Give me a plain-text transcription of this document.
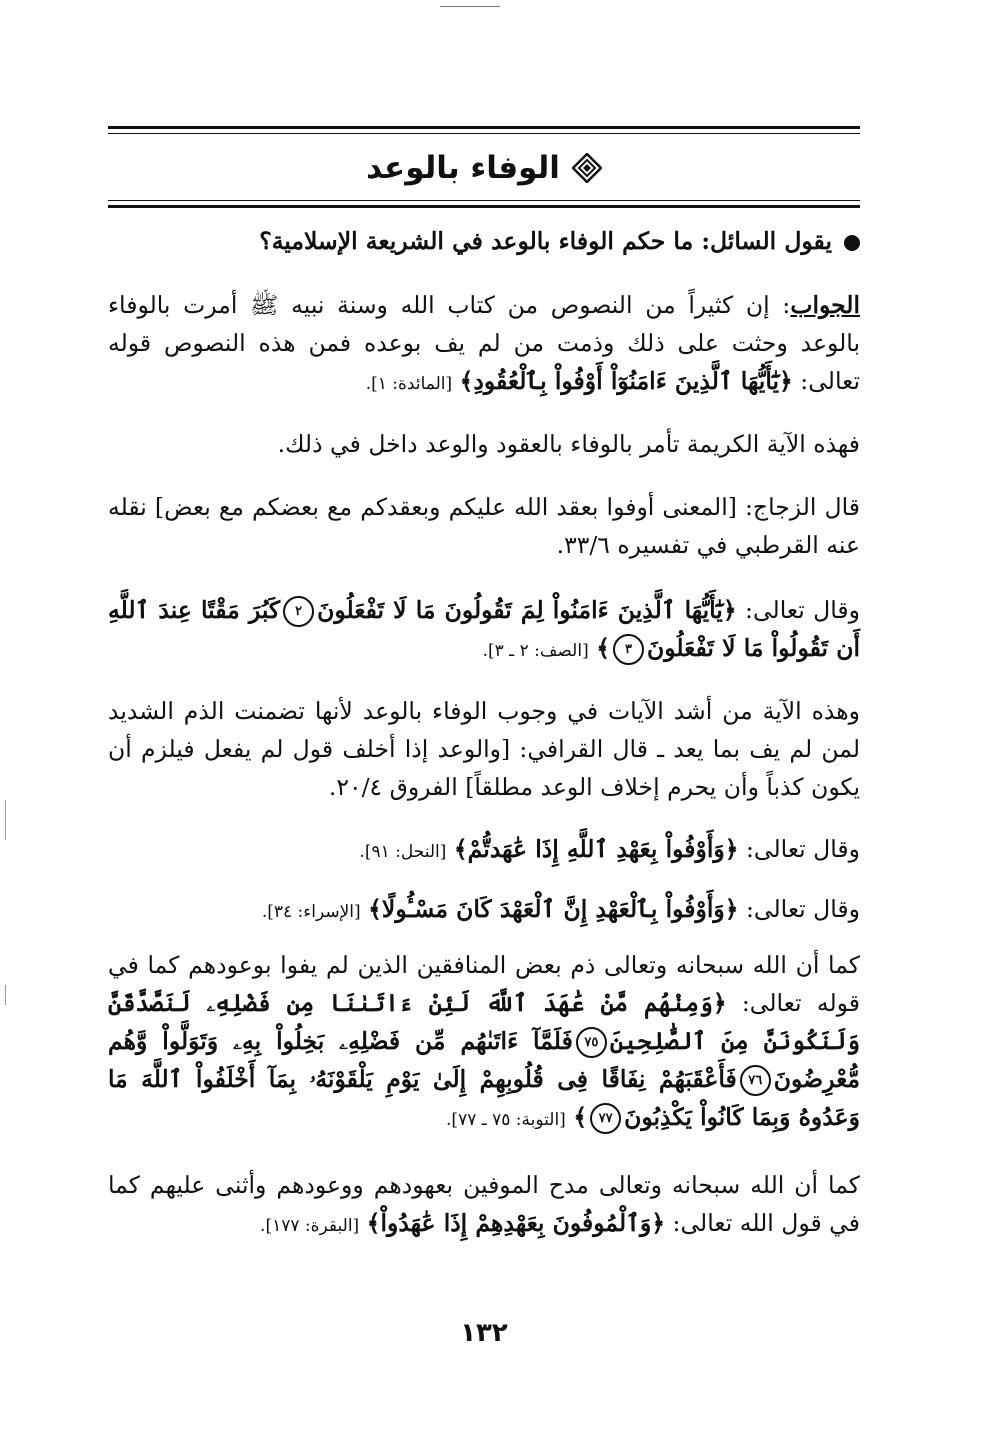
الوفاء بالوعد
يقول السائل: ما حكم الوفاء بالوعد في الشريعة الإسلامية؟
الجواب: إن كثيراً من النصوص من كتاب الله وسنة نبيه ﷺ أمرت بالوفاء بالوعد وحثت على ذلك وذمت من لم يف بوعده فمن هذه النصوص قوله تعالى: ﴿يَٰٓأَيُّهَا ٱلَّذِينَ ءَامَنُوٓاْ أَوْفُواْ بِٱلْعُقُودِ﴾ [المائدة: ١].
فهذه الآية الكريمة تأمر بالوفاء بالعقود والوعد داخل في ذلك.
قال الزجاج: [المعنى أوفوا بعقد الله عليكم وبعقدكم مع بعضكم مع بعض] نقله عنه القرطبي في تفسيره ٣٣/٦.
وقال تعالى: ﴿يَٰٓأَيُّهَا ٱلَّذِينَ ءَامَنُواْ لِمَ تَقُولُونَ مَا لَا تَفْعَلُونَ٢كَبُرَ مَقْتًا عِندَ ٱللَّهِ أَن تَقُولُواْ مَا لَا تَفْعَلُونَ٣﴾ [الصف: ٢ ـ ٣].
وهذه الآية من أشد الآيات في وجوب الوفاء بالوعد لأنها تضمنت الذم الشديد لمن لم يف بما يعد ـ قال القرافي: [والوعد إذا أخلف قول لم يفعل فيلزم أن يكون كذباً وأن يحرم إخلاف الوعد مطلقاً] الفروق ٢٠/٤.
وقال تعالى: ﴿وَأَوْفُواْ بِعَهْدِ ٱللَّهِ إِذَا عَٰهَدتُّمْ﴾ [النحل: ٩١].
وقال تعالى: ﴿وَأَوْفُواْ بِٱلْعَهْدِ إِنَّ ٱلْعَهْدَ كَانَ مَسْـُٔولًا﴾ [الإسراء: ٣٤].
كما أن الله سبحانه وتعالى ذم بعض المنافقين الذين لم يفوا بوعودهم كما في قوله تعالى: ﴿وَمِنْهُم مَّنْ عَٰهَدَ ٱللَّهَ لَئِنْ ءَاتَىٰنَا مِن فَضْلِهِۦ لَنَصَّدَّقَنَّ وَلَنَكُونَنَّ مِنَ ٱلصَّٰلِحِينَ٧٥فَلَمَّآ ءَاتَىٰهُم مِّن فَضْلِهِۦ بَخِلُواْ بِهِۦ وَتَوَلَّواْ وَّهُم مُّعْرِضُونَ٧٦فَأَعْقَبَهُمْ نِفَاقًا فِى قُلُوبِهِمْ إِلَىٰ يَوْمِ يَلْقَوْنَهُۥ بِمَآ أَخْلَفُواْ ٱللَّهَ مَا وَعَدُوهُ وَبِمَا كَانُواْ يَكْذِبُونَ٧٧﴾ [التوبة: ٧٥ ـ ٧٧].
كما أن الله سبحانه وتعالى مدح الموفين بعهودهم ووعودهم وأثنى عليهم كما في قول الله تعالى: ﴿وَٱلْمُوفُونَ بِعَهْدِهِمْ إِذَا عَٰهَدُواْ﴾ [البقرة: ١٧٧].
١٣٢
